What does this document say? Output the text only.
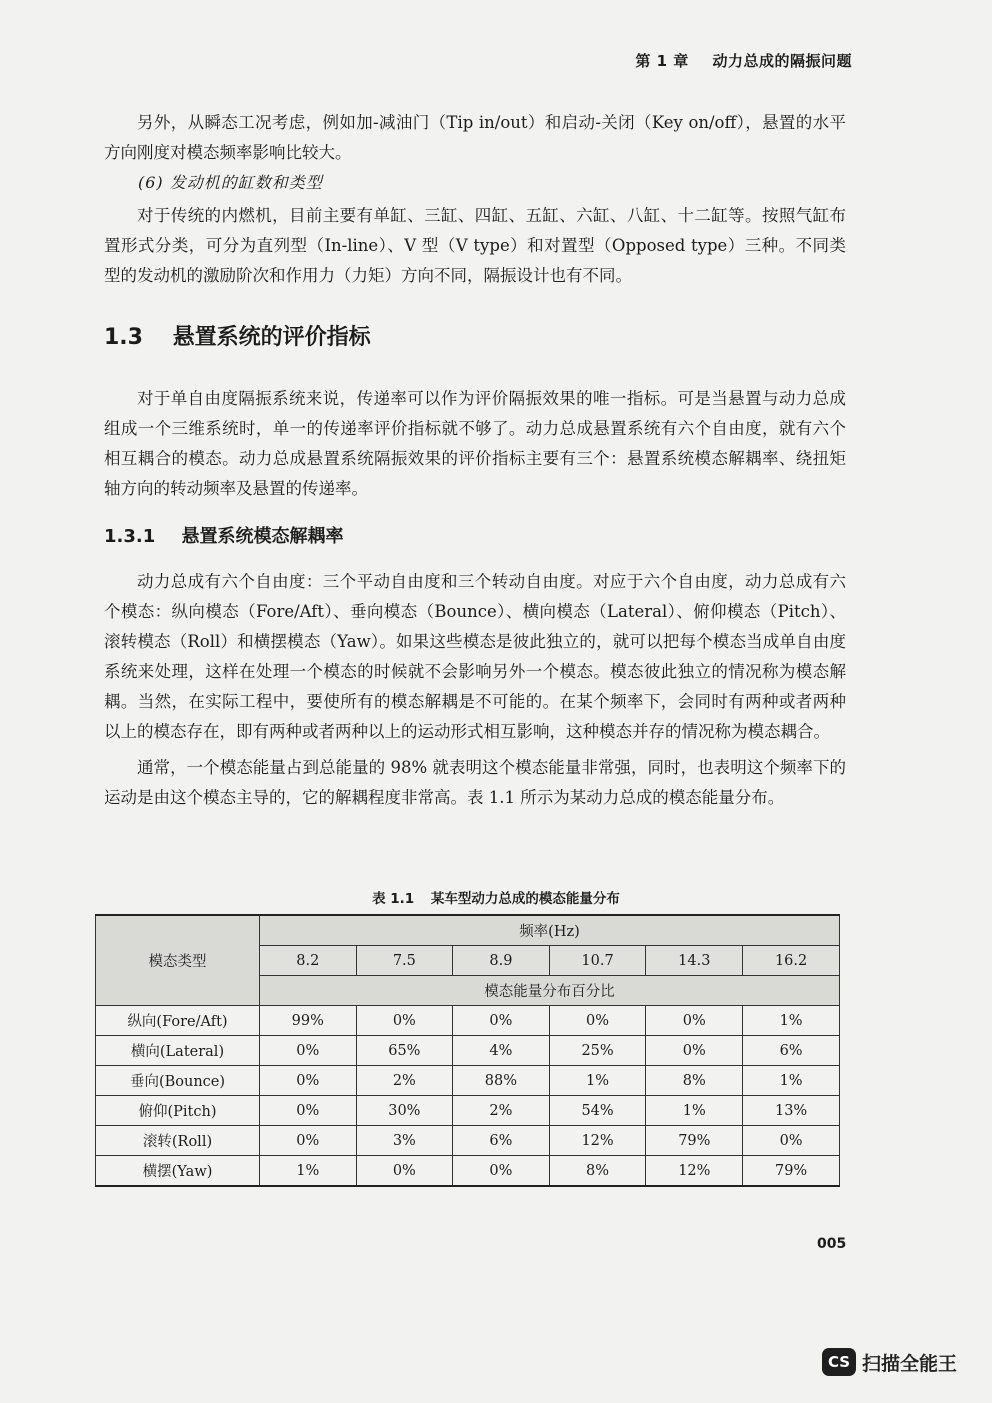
第 1 章 动力总成的隔振问题

另外，从瞬态工况考虑，例如加-减油门（Tip in/out）和启动-关闭（Key on/off），悬置的水平方向刚度对模态频率影响比较大。

(6) 发动机的缸数和类型

对于传统的内燃机，目前主要有单缸、三缸、四缸、五缸、六缸、八缸、十二缸等。按照气缸布置形式分类，可分为直列型（In-line）、V 型（V type）和对置型（Opposed type）三种。不同类型的发动机的激励阶次和作用力（力矩）方向不同，隔振设计也有不同。

1.3 悬置系统的评价指标

对于单自由度隔振系统来说，传递率可以作为评价隔振效果的唯一指标。可是当悬置与动力总成组成一个三维系统时，单一的传递率评价指标就不够了。动力总成悬置系统有六个自由度，就有六个相互耦合的模态。动力总成悬置系统隔振效果的评价指标主要有三个：悬置系统模态解耦率、绕扭矩轴方向的转动频率及悬置的传递率。

1.3.1 悬置系统模态解耦率

动力总成有六个自由度：三个平动自由度和三个转动自由度。对应于六个自由度，动力总成有六个模态：纵向模态（Fore/Aft）、垂向模态（Bounce）、横向模态（Lateral）、俯仰模态（Pitch）、滚转模态（Roll）和横摆模态（Yaw）。如果这些模态是彼此独立的，就可以把每个模态当成单自由度系统来处理，这样在处理一个模态的时候就不会影响另外一个模态。模态彼此独立的情况称为模态解耦。当然，在实际工程中，要使所有的模态解耦是不可能的。在某个频率下，会同时有两种或者两种以上的模态存在，即有两种或者两种以上的运动形式相互影响，这种模态并存的情况称为模态耦合。

通常，一个模态能量占到总能量的 98% 就表明这个模态能量非常强，同时，也表明这个频率下的运动是由这个模态主导的，它的解耦程度非常高。表 1.1 所示为某动力总成的模态能量分布。

表 1.1 某车型动力总成的模态能量分布
模态类型	频率(Hz)					
	8.2	7.5	8.9	10.7	14.3	16.2
	模态能量分布百分比					
纵向(Fore/Aft)	99%	0%	0%	0%	0%	1%
横向(Lateral)	0%	65%	4%	25%	0%	6%
垂向(Bounce)	0%	2%	88%	1%	8%	1%
俯仰(Pitch)	0%	30%	2%	54%	1%	13%
滚转(Roll)	0%	3%	6%	12%	79%	0%
横摆(Yaw)	1%	0%	0%	8%	12%	79%
005
CS 扫描全能王
